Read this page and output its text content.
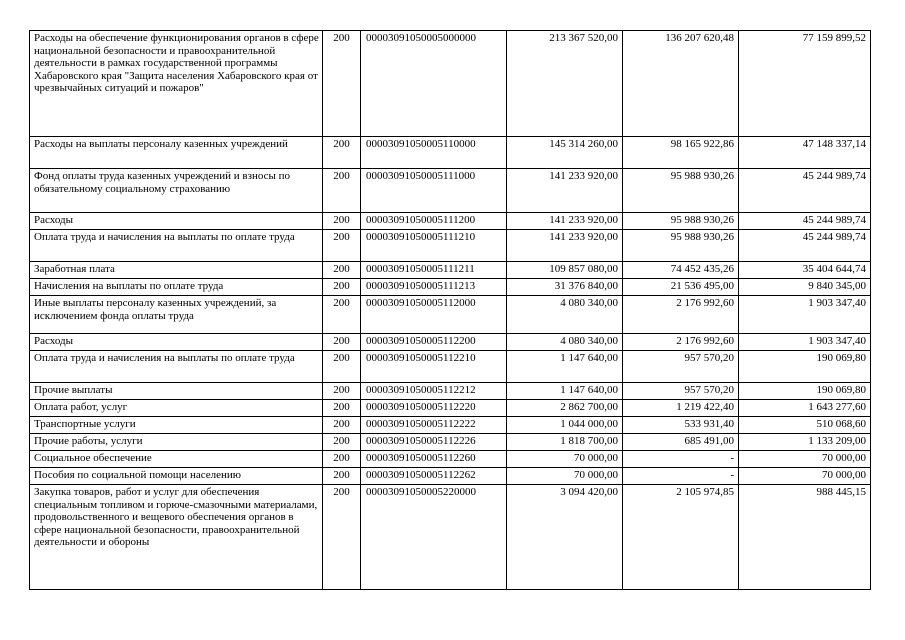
Расходы на обеспечение функционирования органов в сфере национальной безопасности и правоохранительной деятельности в рамках государственной программы Хабаровского края "Защита населения Хабаровского края от чрезвычайных ситуаций и пожаров"	200	00003091050005000000	213 367 520,00	136 207 620,48	77 159 899,52
Расходы на выплаты персоналу казенных учреждений	200	00003091050005110000	145 314 260,00	98 165 922,86	47 148 337,14
Фонд оплаты труда казенных учреждений и взносы по обязательному социальному страхованию	200	00003091050005111000	141 233 920,00	95 988 930,26	45 244 989,74
Расходы	200	00003091050005111200	141 233 920,00	95 988 930,26	45 244 989,74
Оплата труда и начисления на выплаты по оплате труда	200	00003091050005111210	141 233 920,00	95 988 930,26	45 244 989,74
Заработная плата	200	00003091050005111211	109 857 080,00	74 452 435,26	35 404 644,74
Начисления на выплаты по оплате труда	200	00003091050005111213	31 376 840,00	21 536 495,00	9 840 345,00
Иные выплаты персоналу казенных учреждений, за исключением фонда оплаты труда	200	00003091050005112000	4 080 340,00	2 176 992,60	1 903 347,40
Расходы	200	00003091050005112200	4 080 340,00	2 176 992,60	1 903 347,40
Оплата труда и начисления на выплаты по оплате труда	200	00003091050005112210	1 147 640,00	957 570,20	190 069,80
Прочие выплаты	200	00003091050005112212	1 147 640,00	957 570,20	190 069,80
Оплата работ, услуг	200	00003091050005112220	2 862 700,00	1 219 422,40	1 643 277,60
Транспортные услуги	200	00003091050005112222	1 044 000,00	533 931,40	510 068,60
Прочие работы, услуги	200	00003091050005112226	1 818 700,00	685 491,00	1 133 209,00
Социальное обеспечение	200	00003091050005112260	70 000,00	-	70 000,00
Пособия по социальной помощи населению	200	00003091050005112262	70 000,00	-	70 000,00
Закупка товаров, работ и услуг для обеспечения специальным топливом и горюче-смазочными материалами, продовольственного и вещевого обеспечения органов в сфере национальной безопасности, правоохранительной деятельности и обороны	200	00003091050005220000	3 094 420,00	2 105 974,85	988 445,15
